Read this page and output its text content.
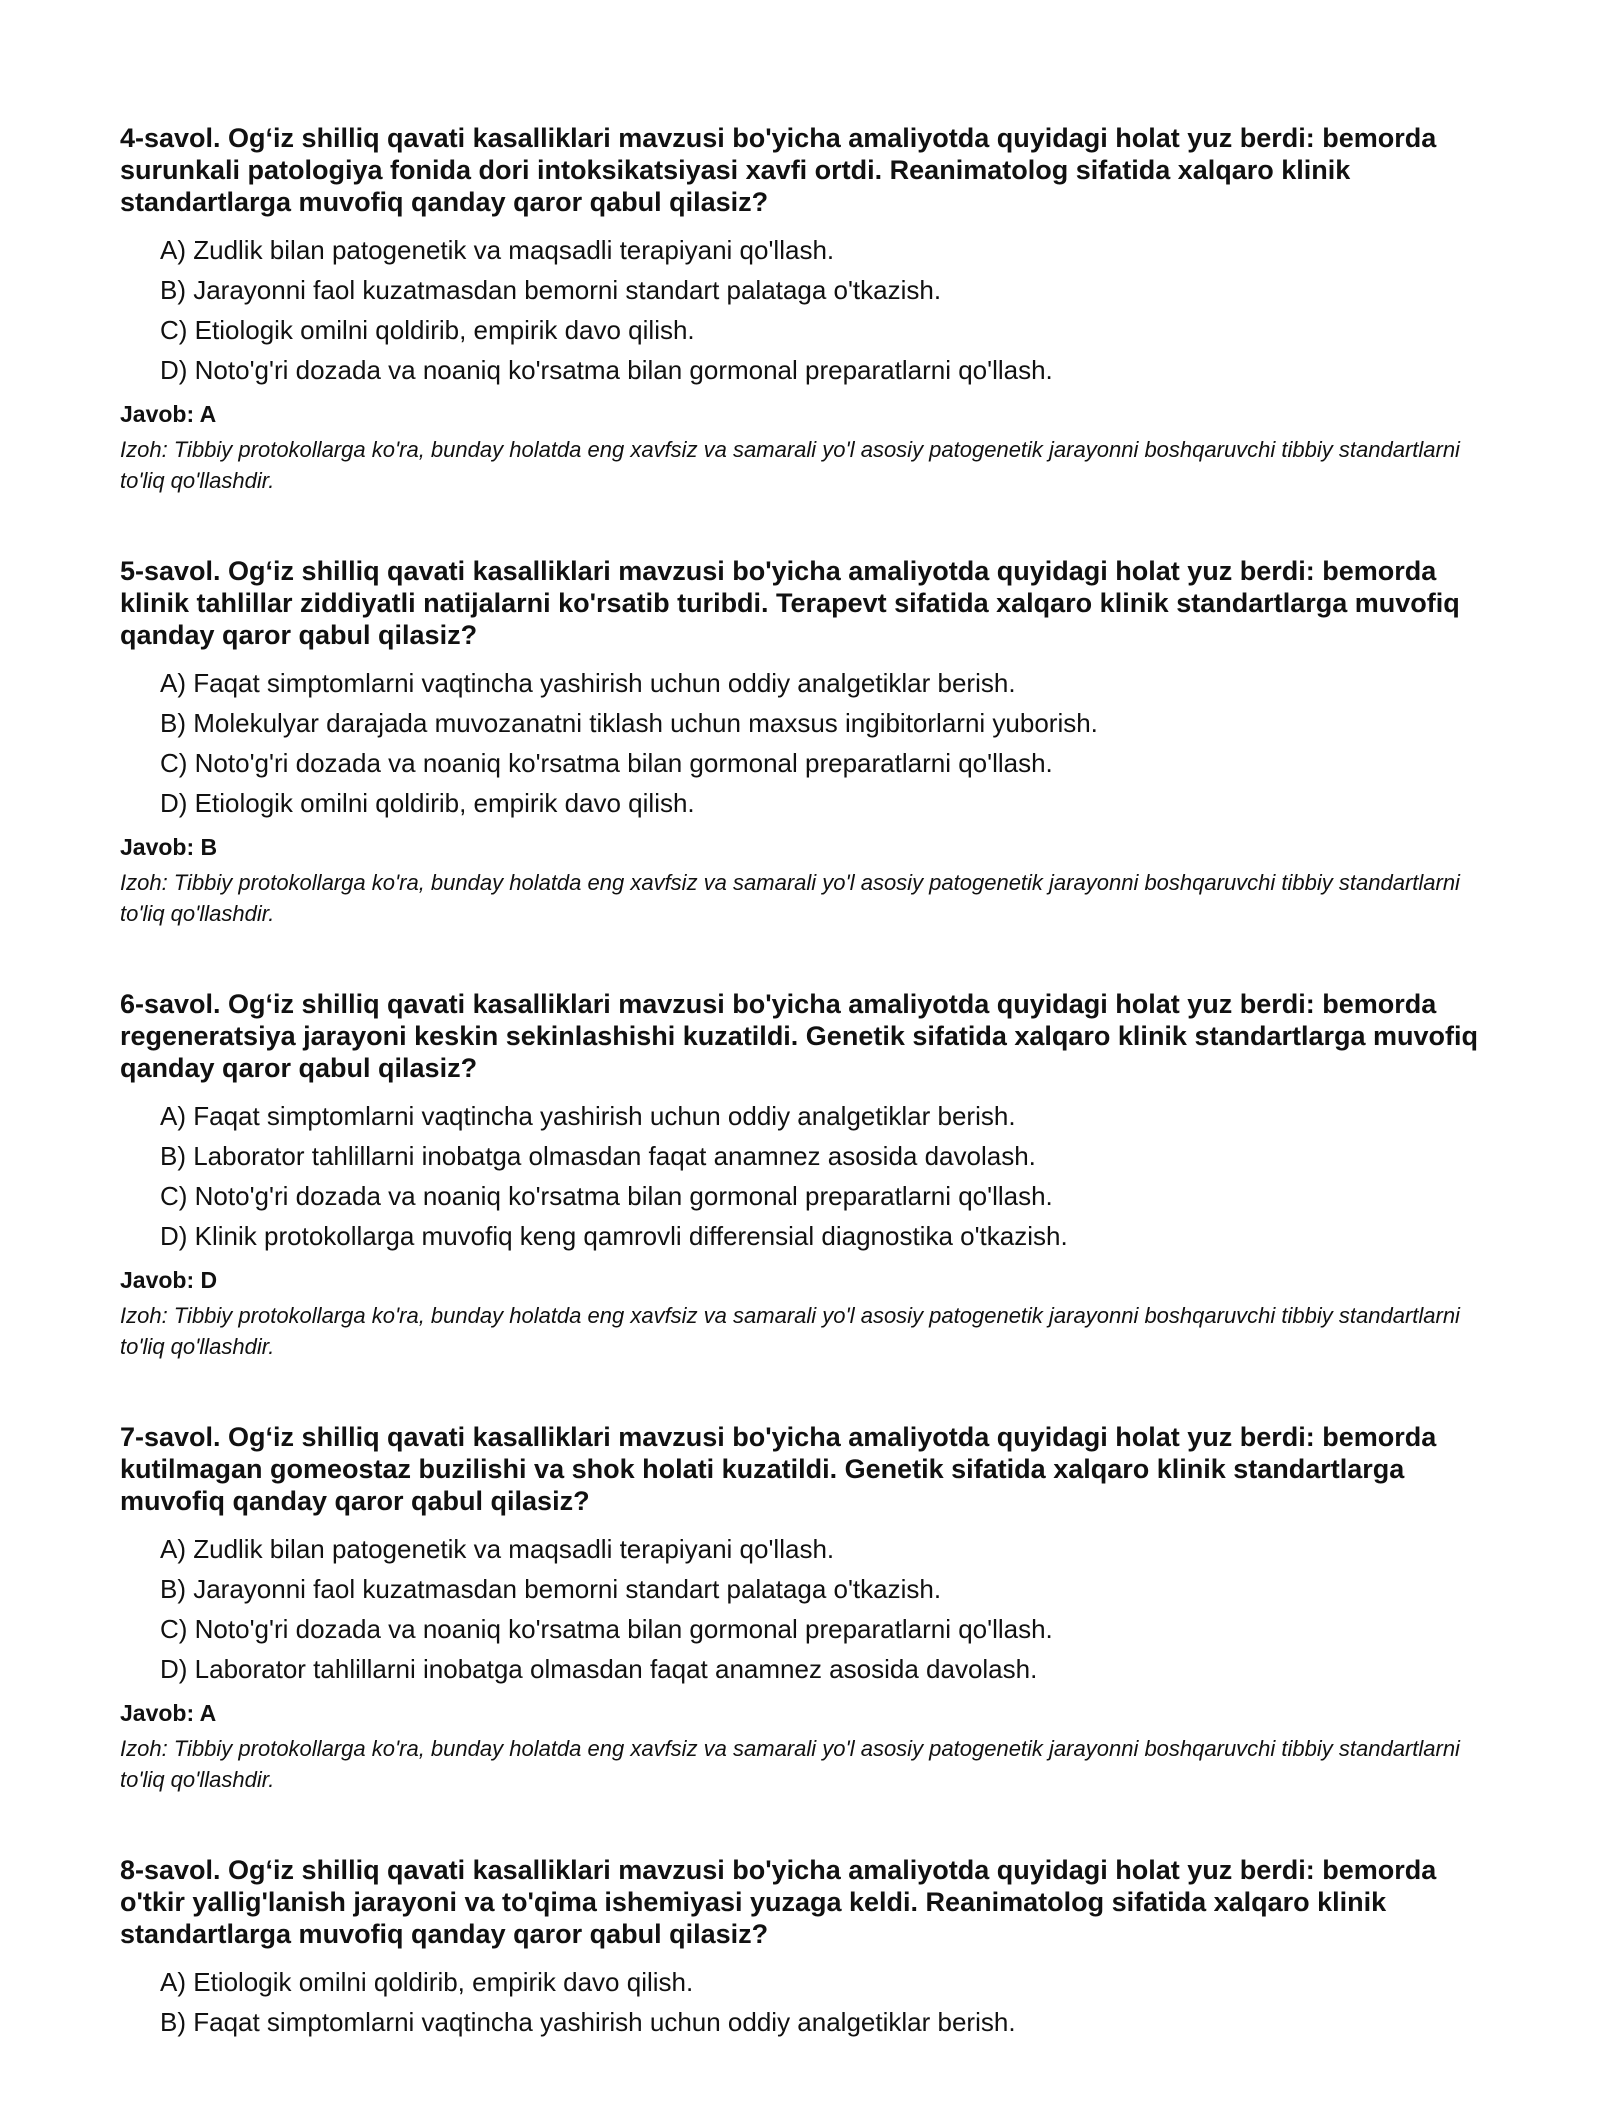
4-savol. Og‘iz shilliq qavati kasalliklari mavzusi bo'yicha amaliyotda quyidagi holat yuz berdi: bemorda surunkali patologiya fonida dori intoksikatsiyasi xavfi ortdi. Reanimatolog sifatida xalqaro klinik standartlarga muvofiq qanday qaror qabul qilasiz?

A) Zudlik bilan patogenetik va maqsadli terapiyani qo'llash.
B) Jarayonni faol kuzatmasdan bemorni standart palataga o'tkazish.
C) Etiologik omilni qoldirib, empirik davo qilish.
D) Noto'g'ri dozada va noaniq ko'rsatma bilan gormonal preparatlarni qo'llash.

Javob: A

Izoh: Tibbiy protokollarga ko'ra, bunday holatda eng xavfsiz va samarali yo'l asosiy patogenetik jarayonni boshqaruvchi tibbiy standartlarni to'liq qo'llashdir.

5-savol. Og‘iz shilliq qavati kasalliklari mavzusi bo'yicha amaliyotda quyidagi holat yuz berdi: bemorda klinik tahlillar ziddiyatli natijalarni ko'rsatib turibdi. Terapevt sifatida xalqaro klinik standartlarga muvofiq qanday qaror qabul qilasiz?

A) Faqat simptomlarni vaqtincha yashirish uchun oddiy analgetiklar berish.
B) Molekulyar darajada muvozanatni tiklash uchun maxsus ingibitorlarni yuborish.
C) Noto'g'ri dozada va noaniq ko'rsatma bilan gormonal preparatlarni qo'llash.
D) Etiologik omilni qoldirib, empirik davo qilish.

Javob: B

Izoh: Tibbiy protokollarga ko'ra, bunday holatda eng xavfsiz va samarali yo'l asosiy patogenetik jarayonni boshqaruvchi tibbiy standartlarni to'liq qo'llashdir.

6-savol. Og‘iz shilliq qavati kasalliklari mavzusi bo'yicha amaliyotda quyidagi holat yuz berdi: bemorda regeneratsiya jarayoni keskin sekinlashishi kuzatildi. Genetik sifatida xalqaro klinik standartlarga muvofiq qanday qaror qabul qilasiz?

A) Faqat simptomlarni vaqtincha yashirish uchun oddiy analgetiklar berish.
B) Laborator tahlillarni inobatga olmasdan faqat anamnez asosida davolash.
C) Noto'g'ri dozada va noaniq ko'rsatma bilan gormonal preparatlarni qo'llash.
D) Klinik protokollarga muvofiq keng qamrovli differensial diagnostika o'tkazish.

Javob: D

Izoh: Tibbiy protokollarga ko'ra, bunday holatda eng xavfsiz va samarali yo'l asosiy patogenetik jarayonni boshqaruvchi tibbiy standartlarni to'liq qo'llashdir.

7-savol. Og‘iz shilliq qavati kasalliklari mavzusi bo'yicha amaliyotda quyidagi holat yuz berdi: bemorda kutilmagan gomeostaz buzilishi va shok holati kuzatildi. Genetik sifatida xalqaro klinik standartlarga muvofiq qanday qaror qabul qilasiz?

A) Zudlik bilan patogenetik va maqsadli terapiyani qo'llash.
B) Jarayonni faol kuzatmasdan bemorni standart palataga o'tkazish.
C) Noto'g'ri dozada va noaniq ko'rsatma bilan gormonal preparatlarni qo'llash.
D) Laborator tahlillarni inobatga olmasdan faqat anamnez asosida davolash.

Javob: A

Izoh: Tibbiy protokollarga ko'ra, bunday holatda eng xavfsiz va samarali yo'l asosiy patogenetik jarayonni boshqaruvchi tibbiy standartlarni to'liq qo'llashdir.

8-savol. Og‘iz shilliq qavati kasalliklari mavzusi bo'yicha amaliyotda quyidagi holat yuz berdi: bemorda o'tkir yallig'lanish jarayoni va to'qima ishemiyasi yuzaga keldi. Reanimatolog sifatida xalqaro klinik standartlarga muvofiq qanday qaror qabul qilasiz?

A) Etiologik omilni qoldirib, empirik davo qilish.
B) Faqat simptomlarni vaqtincha yashirish uchun oddiy analgetiklar berish.
